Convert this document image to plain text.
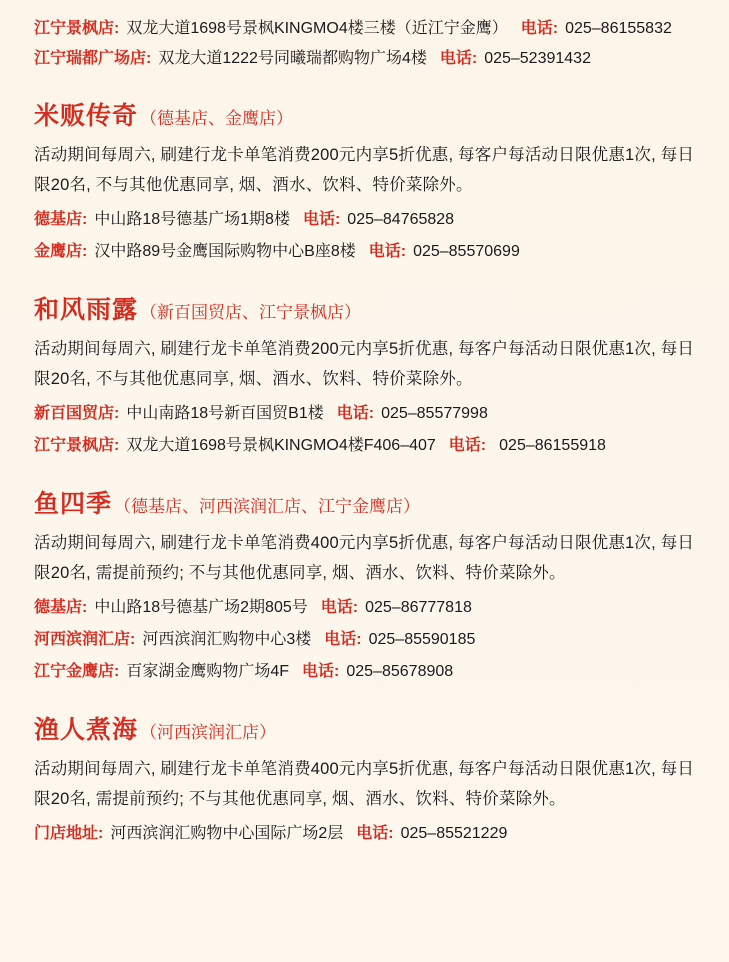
江宁景枫店: 双龙大道1698号景枫KINGMO4楼三楼（近江宁金鹰） 电话: 025–86155832
江宁瑞都广场店: 双龙大道1222号同曦瑞都购物广场4楼 电话: 025–52391432
米贩传奇 （德基店、金鹰店）
活动期间每周六, 刷建行龙卡单笔消费200元内享5折优惠, 每客户每活动日限优惠1次, 每日限20名, 不与其他优惠同享, 烟、酒水、饮料、特价菜除外。
德基店: 中山路18号德基广场1期8楼 电话: 025–84765828
金鹰店: 汉中路89号金鹰国际购物中心B座8楼 电话: 025–85570699
和风雨露 （新百国贸店、江宁景枫店）
活动期间每周六, 刷建行龙卡单笔消费200元内享5折优惠, 每客户每活动日限优惠1次, 每日限20名, 不与其他优惠同享, 烟、酒水、饮料、特价菜除外。
新百国贸店: 中山南路18号新百国贸B1楼 电话: 025–85577998
江宁景枫店: 双龙大道1698号景枫KINGMO4楼F406–407 电话: 025–86155918
鱼四季 （德基店、河西滨润汇店、江宁金鹰店）
活动期间每周六, 刷建行龙卡单笔消费400元内享5折优惠, 每客户每活动日限优惠1次, 每日限20名, 需提前预约; 不与其他优惠同享, 烟、酒水、饮料、特价菜除外。
德基店: 中山路18号德基广场2期805号 电话: 025–86777818
河西滨润汇店: 河西滨润汇购物中心3楼 电话: 025–85590185
江宁金鹰店: 百家湖金鹰购物广场4F 电话: 025–85678908
渔人煮海 （河西滨润汇店）
活动期间每周六, 刷建行龙卡单笔消费400元内享5折优惠, 每客户每活动日限优惠1次, 每日限20名, 需提前预约; 不与其他优惠同享, 烟、酒水、饮料、特价菜除外。
门店地址: 河西滨润汇购物中心国际广场2层 电话: 025–85521229
